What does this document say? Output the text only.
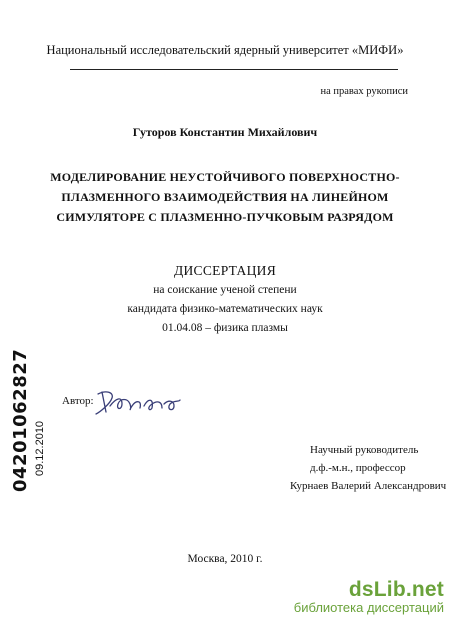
Национальный исследовательский ядерный университет «МИФИ»
на правах рукописи
Гуторов Константин Михайлович
МОДЕЛИРОВАНИЕ НЕУСТОЙЧИВОГО ПОВЕРХНОСТНО-
ПЛАЗМЕННОГО ВЗАИМОДЕЙСТВИЯ НА ЛИНЕЙНОМ
СИМУЛЯТОРЕ С ПЛАЗМЕННО-ПУЧКОВЫМ РАЗРЯДОМ
ДИССЕРТАЦИЯ
на соискание ученой степени
кандидата физико-математических наук
01.04.08 – физика плазмы
04201062827 09.12.2010
Автор:
Научный руководитель
д.ф.-м.н., профессор
Курнаев Валерий Александрович
Москва, 2010 г.
dsLib.net
библиотека диссертаций
